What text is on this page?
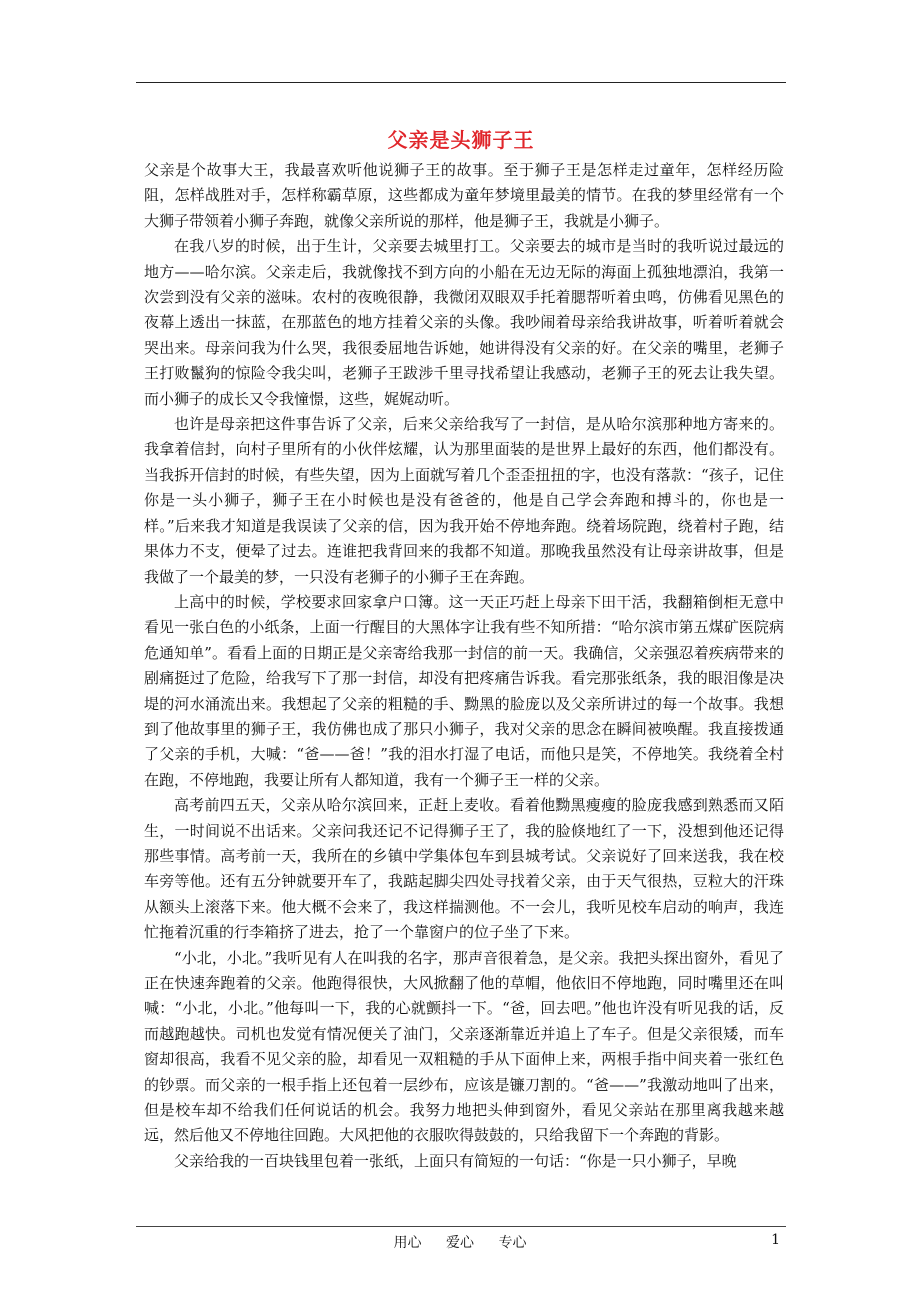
父亲是头狮子王

父亲是个故事大王，我最喜欢听他说狮子王的故事。至于狮子王是怎样走过童年，怎样经历险阻，怎样战胜对手，怎样称霸草原，这些都成为童年梦境里最美的情节。在我的梦里经常有一个大狮子带领着小狮子奔跑，就像父亲所说的那样，他是狮子王，我就是小狮子。

在我八岁的时候，出于生计，父亲要去城里打工。父亲要去的城市是当时的我听说过最远的地方——哈尔滨。父亲走后，我就像找不到方向的小船在无边无际的海面上孤独地漂泊，我第一次尝到没有父亲的滋味。农村的夜晚很静，我微闭双眼双手托着腮帮听着虫鸣，仿佛看见黑色的夜幕上透出一抹蓝，在那蓝色的地方挂着父亲的头像。我吵闹着母亲给我讲故事，听着听着就会哭出来。母亲问我为什么哭，我很委屈地告诉她，她讲得没有父亲的好。在父亲的嘴里，老狮子王打败鬣狗的惊险令我尖叫，老狮子王跋涉千里寻找希望让我感动，老狮子王的死去让我失望。而小狮子的成长又令我憧憬，这些，娓娓动听。

也许是母亲把这件事告诉了父亲，后来父亲给我写了一封信，是从哈尔滨那种地方寄来的。我拿着信封，向村子里所有的小伙伴炫耀，认为那里面装的是世界上最好的东西，他们都没有。当我拆开信封的时候，有些失望，因为上面就写着几个歪歪扭扭的字，也没有落款：“孩子，记住你是一头小狮子，狮子王在小时候也是没有爸爸的，他是自己学会奔跑和搏斗的，你也是一样。”后来我才知道是我误读了父亲的信，因为我开始不停地奔跑。绕着场院跑，绕着村子跑，结果体力不支，便晕了过去。连谁把我背回来的我都不知道。那晚我虽然没有让母亲讲故事，但是我做了一个最美的梦，一只没有老狮子的小狮子王在奔跑。

上高中的时候，学校要求回家拿户口簿。这一天正巧赶上母亲下田干活，我翻箱倒柜无意中看见一张白色的小纸条，上面一行醒目的大黑体字让我有些不知所措：“哈尔滨市第五煤矿医院病危通知单”。看看上面的日期正是父亲寄给我那一封信的前一天。我确信，父亲强忍着疾病带来的剧痛挺过了危险，给我写下了那一封信，却没有把疼痛告诉我。看完那张纸条，我的眼泪像是决堤的河水涌流出来。我想起了父亲的粗糙的手、黝黑的脸庞以及父亲所讲过的每一个故事。我想到了他故事里的狮子王，我仿佛也成了那只小狮子，我对父亲的思念在瞬间被唤醒。我直接拨通了父亲的手机，大喊：“爸——爸！”我的泪水打湿了电话，而他只是笑，不停地笑。我绕着全村在跑，不停地跑，我要让所有人都知道，我有一个狮子王一样的父亲。

高考前四五天，父亲从哈尔滨回来，正赶上麦收。看着他黝黑瘦瘦的脸庞我感到熟悉而又陌生，一时间说不出话来。父亲问我还记不记得狮子王了，我的脸倏地红了一下，没想到他还记得那些事情。高考前一天，我所在的乡镇中学集体包车到县城考试。父亲说好了回来送我，我在校车旁等他。还有五分钟就要开车了，我踮起脚尖四处寻找着父亲，由于天气很热，豆粒大的汗珠从额头上滚落下来。他大概不会来了，我这样揣测他。不一会儿，我听见校车启动的响声，我连忙拖着沉重的行李箱挤了进去，抢了一个靠窗户的位子坐了下来。

“小北，小北。”我听见有人在叫我的名字，那声音很着急，是父亲。我把头探出窗外，看见了正在快速奔跑着的父亲。他跑得很快，大风掀翻了他的草帽，他依旧不停地跑，同时嘴里还在叫喊：“小北，小北。”他每叫一下，我的心就颤抖一下。“爸，回去吧。”他也许没有听见我的话，反而越跑越快。司机也发觉有情况便关了油门，父亲逐渐靠近并追上了车子。但是父亲很矮，而车窗却很高，我看不见父亲的脸，却看见一双粗糙的手从下面伸上来，两根手指中间夹着一张红色的钞票。而父亲的一根手指上还包着一层纱布，应该是镰刀割的。“爸——”我激动地叫了出来，但是校车却不给我们任何说话的机会。我努力地把头伸到窗外，看见父亲站在那里离我越来越远，然后他又不停地往回跑。大风把他的衣服吹得鼓鼓的，只给我留下一个奔跑的背影。

父亲给我的一百块钱里包着一张纸，上面只有简短的一句话：“你是一只小狮子，早晚

用心 爱心 专心	1
